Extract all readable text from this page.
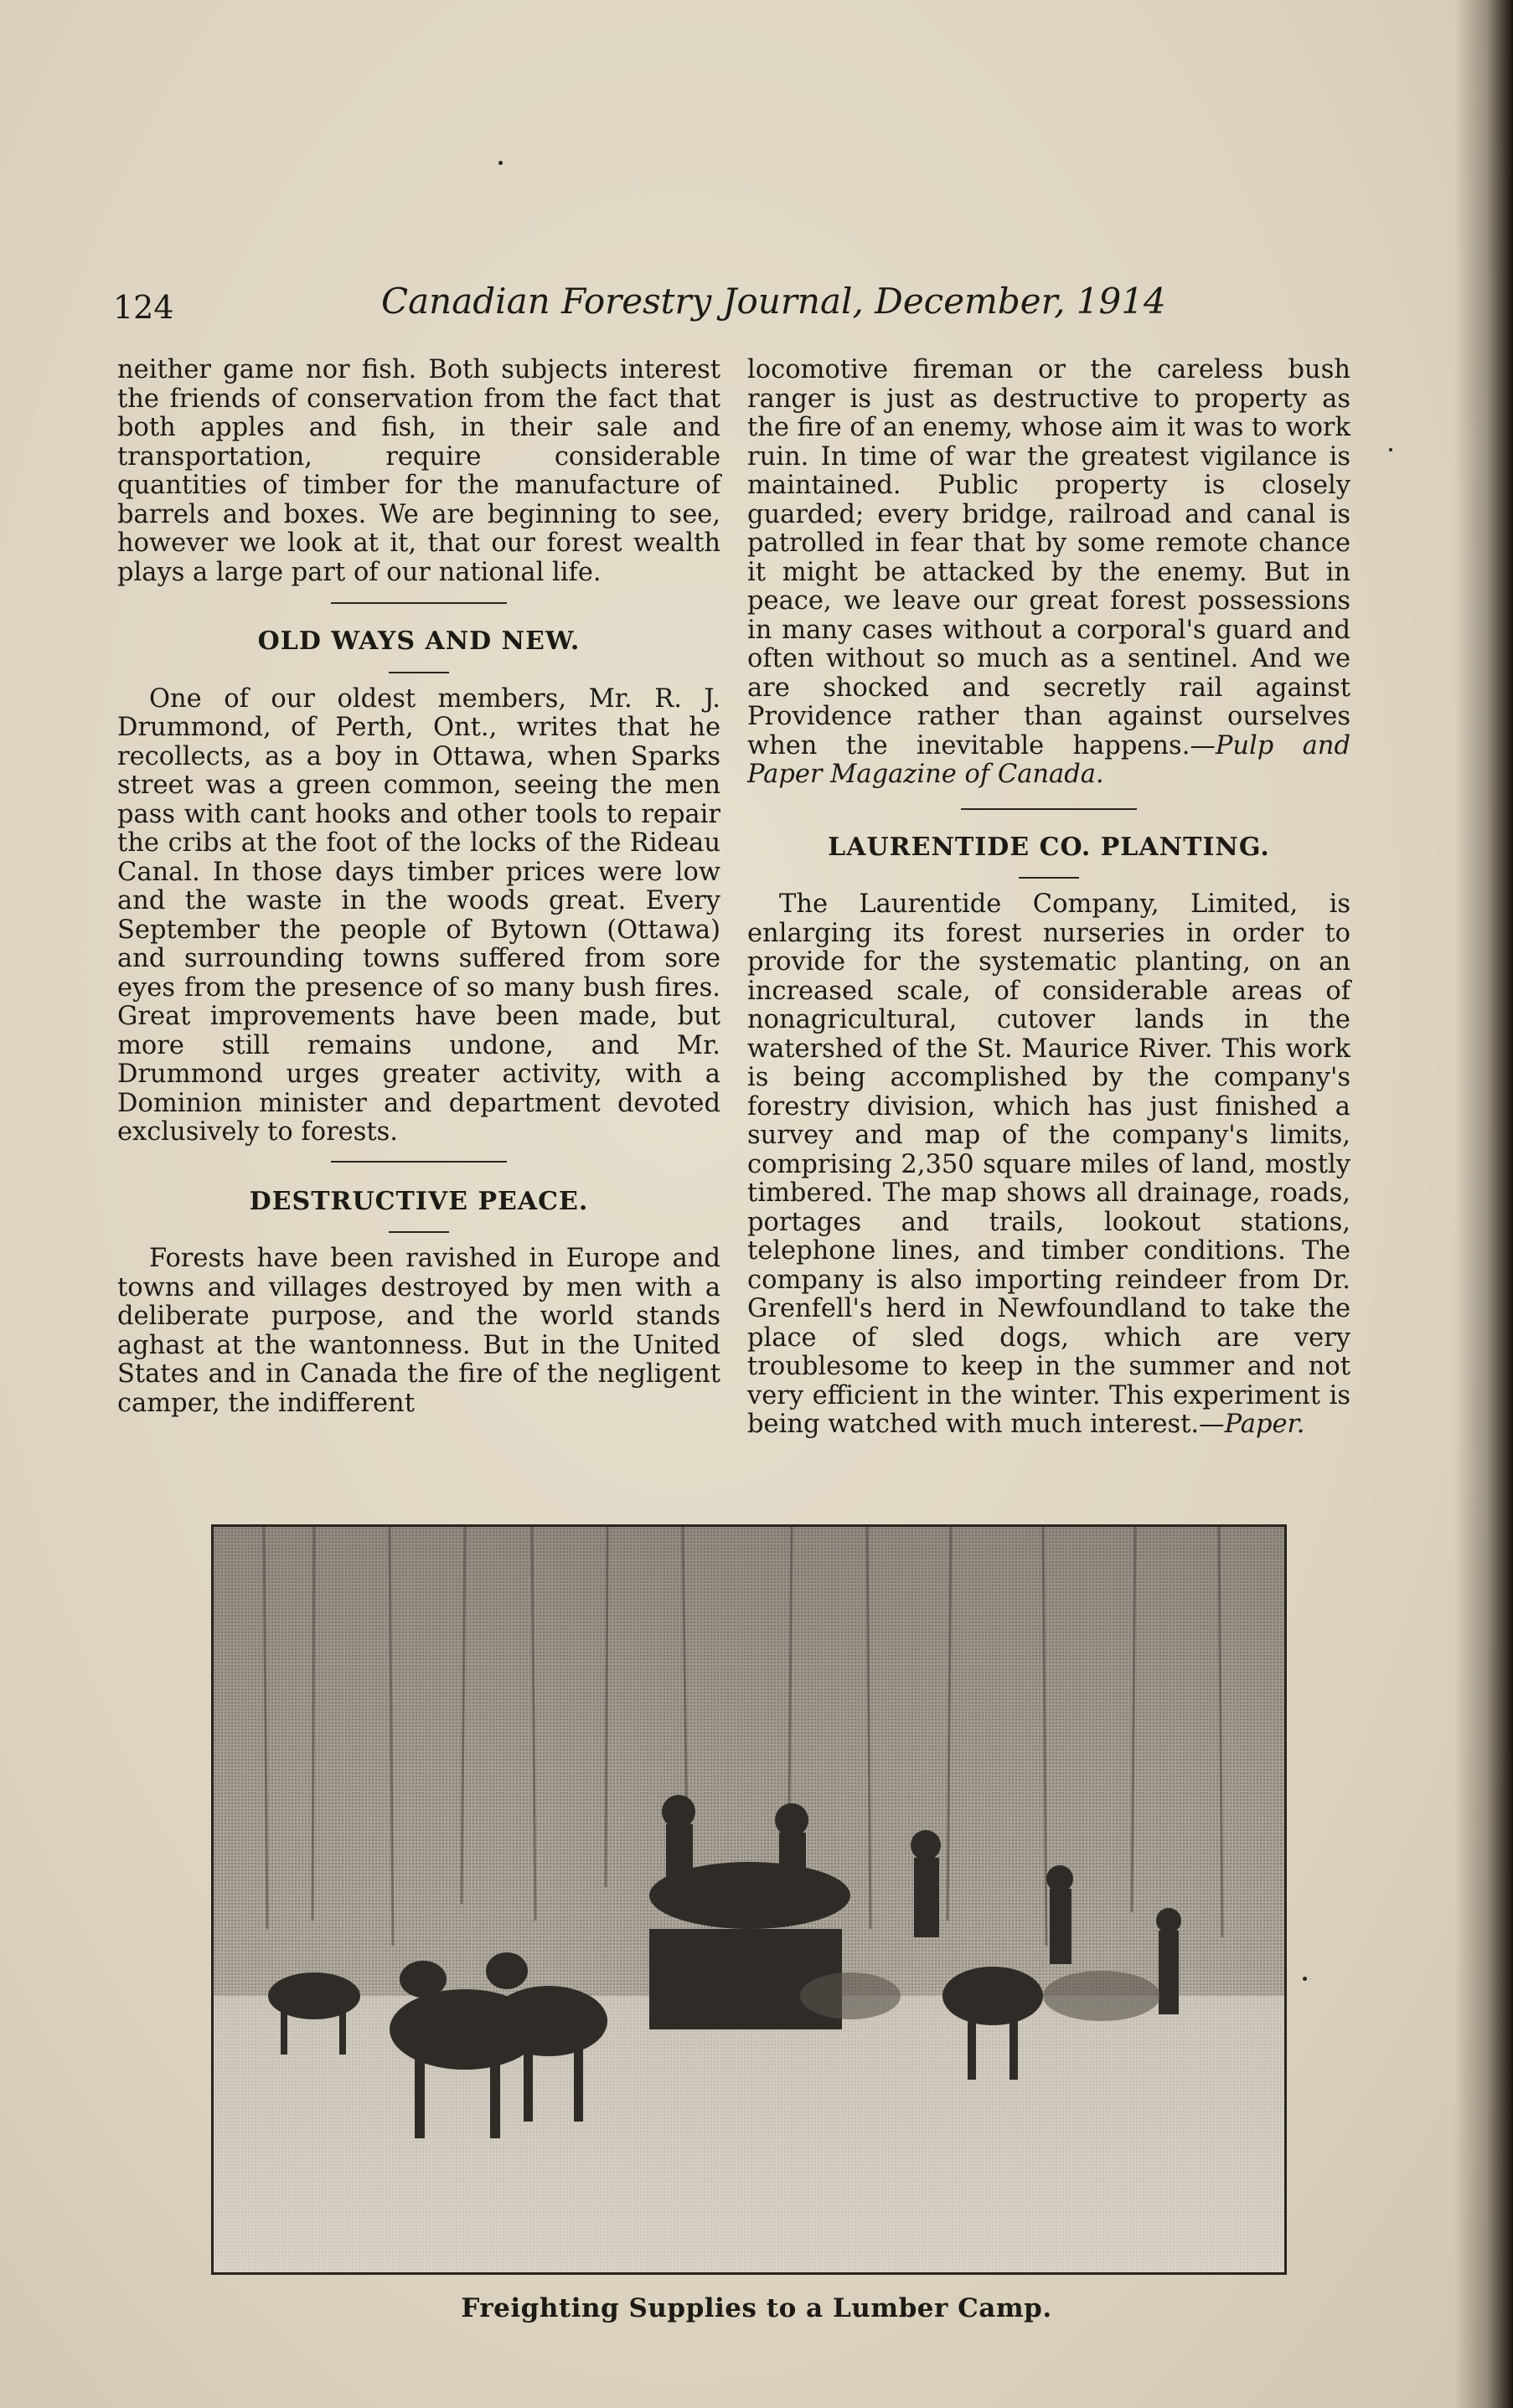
124	Canadian Forestry Journal, December, 1914

neither game nor fish. Both subjects interest the friends of conservation from the fact that both apples and fish, in their sale and transportation, require considerable quantities of timber for the manufacture of barrels and boxes. We are beginning to see, however we look at it, that our forest wealth plays a large part of our national life.

OLD WAYS AND NEW.

One of our oldest members, Mr. R. J. Drummond, of Perth, Ont., writes that he recollects, as a boy in Ottawa, when Sparks street was a green common, seeing the men pass with cant hooks and other tools to repair the cribs at the foot of the locks of the Rideau Canal. In those days timber prices were low and the waste in the woods great. Every September the people of Bytown (Ottawa) and surrounding towns suffered from sore eyes from the presence of so many bush fires. Great improvements have been made, but more still remains undone, and Mr. Drummond urges greater activity, with a Dominion minister and department devoted exclusively to forests.

DESTRUCTIVE PEACE.

Forests have been ravished in Europe and towns and villages destroyed by men with a deliberate purpose, and the world stands aghast at the wantonness. But in the United States and in Canada the fire of the negligent camper, the indifferent

locomotive fireman or the careless bush ranger is just as destructive to property as the fire of an enemy, whose aim it was to work ruin. In time of war the greatest vigilance is maintained. Public property is closely guarded; every bridge, railroad and canal is patrolled in fear that by some remote chance it might be attacked by the enemy. But in peace, we leave our great forest possessions in many cases without a corporal's guard and often without so much as a sentinel. And we are shocked and secretly rail against Providence rather than against ourselves when the inevitable happens.—Pulp and Paper Magazine of Canada.

LAURENTIDE CO. PLANTING.

The Laurentide Company, Limited, is enlarging its forest nurseries in order to provide for the systematic planting, on an increased scale, of considerable areas of nonagricultural, cutover lands in the watershed of the St. Maurice River. This work is being accomplished by the company's forestry division, which has just finished a survey and map of the company's limits, comprising 2,350 square miles of land, mostly timbered. The map shows all drainage, roads, portages and trails, lookout stations, telephone lines, and timber conditions. The company is also importing reindeer from Dr. Grenfell's herd in Newfoundland to take the place of sled dogs, which are very troublesome to keep in the summer and not very efficient in the winter. This experiment is being watched with much interest.—Paper.

Freighting Supplies to a Lumber Camp.
